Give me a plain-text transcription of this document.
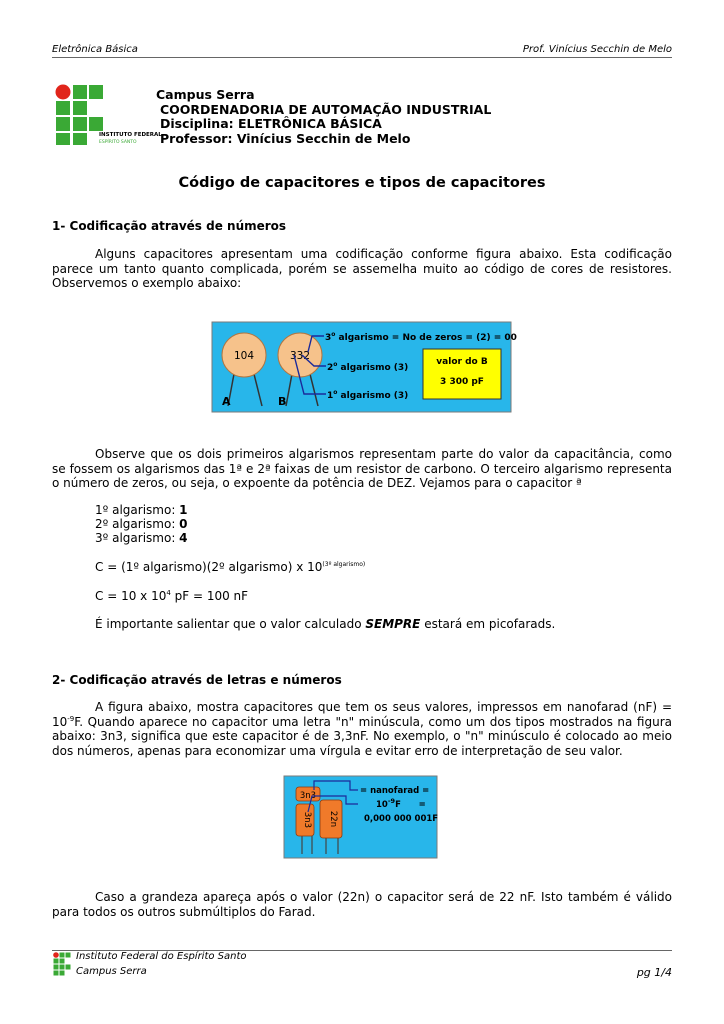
Eletrônica Básica	Prof. Vinícius Secchin de Melo
INSTITUTO FEDERAL
ESPÍRITO SANTO
Campus Serra
COORDENADORIA DE AUTOMAÇÃO INDUSTRIAL
Disciplina: ELETRÔNICA BÁSICA
Professor: Vinícius Secchin de Melo
Código de capacitores e tipos de capacitores
1- Codificação através de números
Alguns capacitores apresentam uma codificação conforme figura abaixo. Esta codificação parece um tanto quanto complicada, porém se assemelha muito ao código de cores de resistores. Observemos o exemplo abaixo:
104
A
332
B
3$^o$ algarismo = No de zeros = (2) = 00
2$^o$ algarismo (3)
1$^o$ algarismo (3)
valor do B
3 300 pF
Observe que os dois primeiros algarismos representam parte do valor da capacitância, como se fossem os algarismos das 1ª e 2ª faixas de um resistor de carbono. O terceiro algarismo representa o número de zeros, ou seja, o expoente da potência de DEZ. Vejamos para o capacitor ª
1º algarismo: 1
2º algarismo: 0
3º algarismo: 4
C = (1º algarismo)(2º algarismo) x $10^{(3º algarismo)}$
C = 10 x $10^4$ pF = 100 nF
É importante salientar que o valor calculado SEMPRE estará em picofarads.
2- Codificação através de letras e números
A figura abaixo, mostra capacitores que tem os seus valores, impressos em nanofarad $(nF) = 10^{-9}F$. Quando aparece no capacitor uma letra "n" minúscula, como um dos tipos mostrados na figura abaixo: 3n3, significa que este capacitor é de 3,3nF. No exemplo, o "n" minúsculo é colocado ao meio dos números, apenas para economizar uma vírgula e evitar erro de interpretação de seu valor.
3n3
3n3 22n
= nanofarad =
$10^{-9}F$      =
0,000 000 001F
Caso a grandeza apareça após o valor (22n) o capacitor será de 22 nF. Isto também é válido para todos os outros submúltiplos do Farad.
Instituto Federal do Espírito Santo
Campus Serra	pg 1/4
